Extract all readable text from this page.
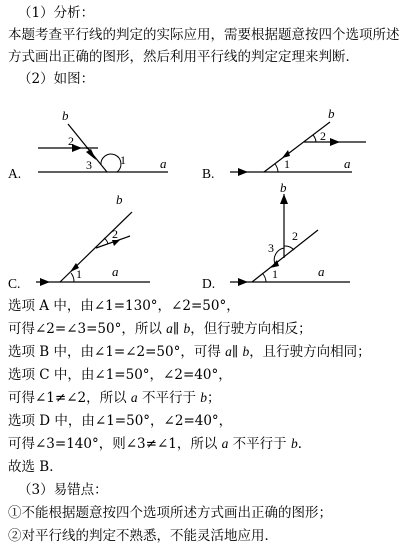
（1）分析：
本题考查平行线的判定的实际应用，需要根据题意按四个选项所述
方式画出正确的图形，然后利用平行线的判定定理来判断．
（2）如图：
A.
1
2
3
b
a
B.
1
2
b
a
C.
1
2
b
a
D.
1
2
3
b
a
选项 A 中，由∠1=130°，∠2=50°，
可得∠2=∠3=50°，所以 a∥ b，但行驶方向相反；
选项 B 中，由∠1=∠2=50°，可得 a∥ b，且行驶方向相同；
选项 C 中，由∠1=50°，∠2=40°，
可得∠1≠∠2，所以 a 不平行于 b；
选项 D 中，由∠1=50°，∠2=40°，
可得∠3=140°，则∠3≠∠1，所以 a 不平行于 b．
故选 B．
（3）易错点：
①不能根据题意按四个选项所述方式画出正确的图形；
②对平行线的判定不熟悉，不能灵活地应用．
